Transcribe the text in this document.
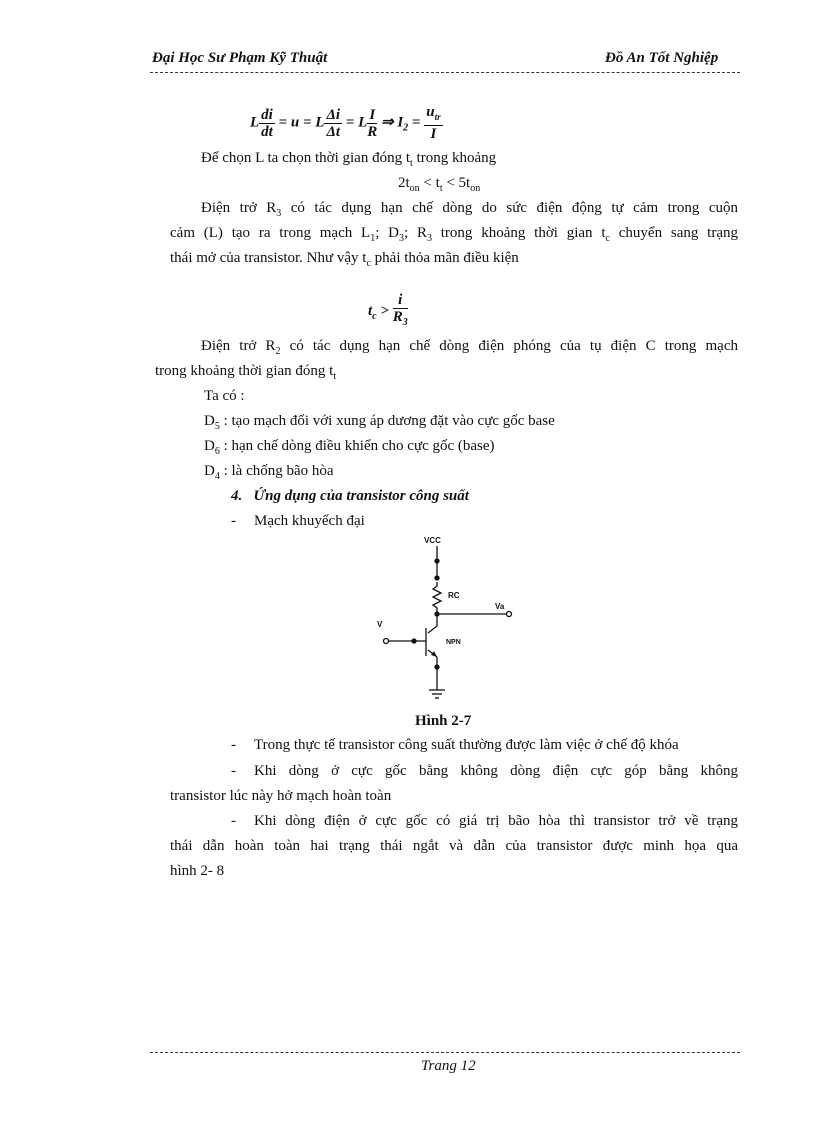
Đại Học Sư Phạm Kỹ Thuật	Đồ An Tốt Nghiệp
L $\frac{di}{dt} = u = L \frac{\Delta i}{\Delta t} = L \frac{I}{R}$ ⇒ $I_2 = \frac{u_{tr}}{I}$
Để chọn L ta chọn thời gian đóng $t_t$ trong khoảng
$2t_{on} < t_t < 5t_{on}$
Điện trở $R_3$ có tác dụng hạn chế dòng do sức điện động tự cảm trong cuộn
cảm (L) tạo ra trong mạch $L_1$; $D_3$; $R_3$ trong khoảng thời gian $t_c$ chuyển sang trạng
thái mở của transistor. Như vậy $t_c$ phải thỏa mãn điều kiện
$t_c > \frac{i}{R_3}$
Điện trở $R_2$ có tác dụng hạn chế dòng điện phóng của tụ điện C trong mạch
trong khoảng thời gian đóng $t_t$
Ta có :
$D_5$ : tạo mạch đổi với xung áp dương đặt vào cực gốc base
$D_6$ : hạn chế dòng điều khiển cho cực gốc (base)
$D_4$ : là chống bão hòa
4. Ứng dụng của transistor công suất
- Mạch khuyếch đại
VCC
RC
Va
V
NPN
Hình 2-7
- Trong thực tế transistor công suất thường được làm việc ở chế độ khóa
- Khi dòng ở cực gốc bằng không dòng điện cực góp bằng không
transistor lúc này hở mạch hoàn toàn
- Khi dòng điện ở cực gốc có giá trị bão hòa thì transistor trở về trạng
thái dẫn hoàn toàn hai trạng thái ngắt và dẫn của transistor được minh họa qua
hình 2- 8
Trang 12
